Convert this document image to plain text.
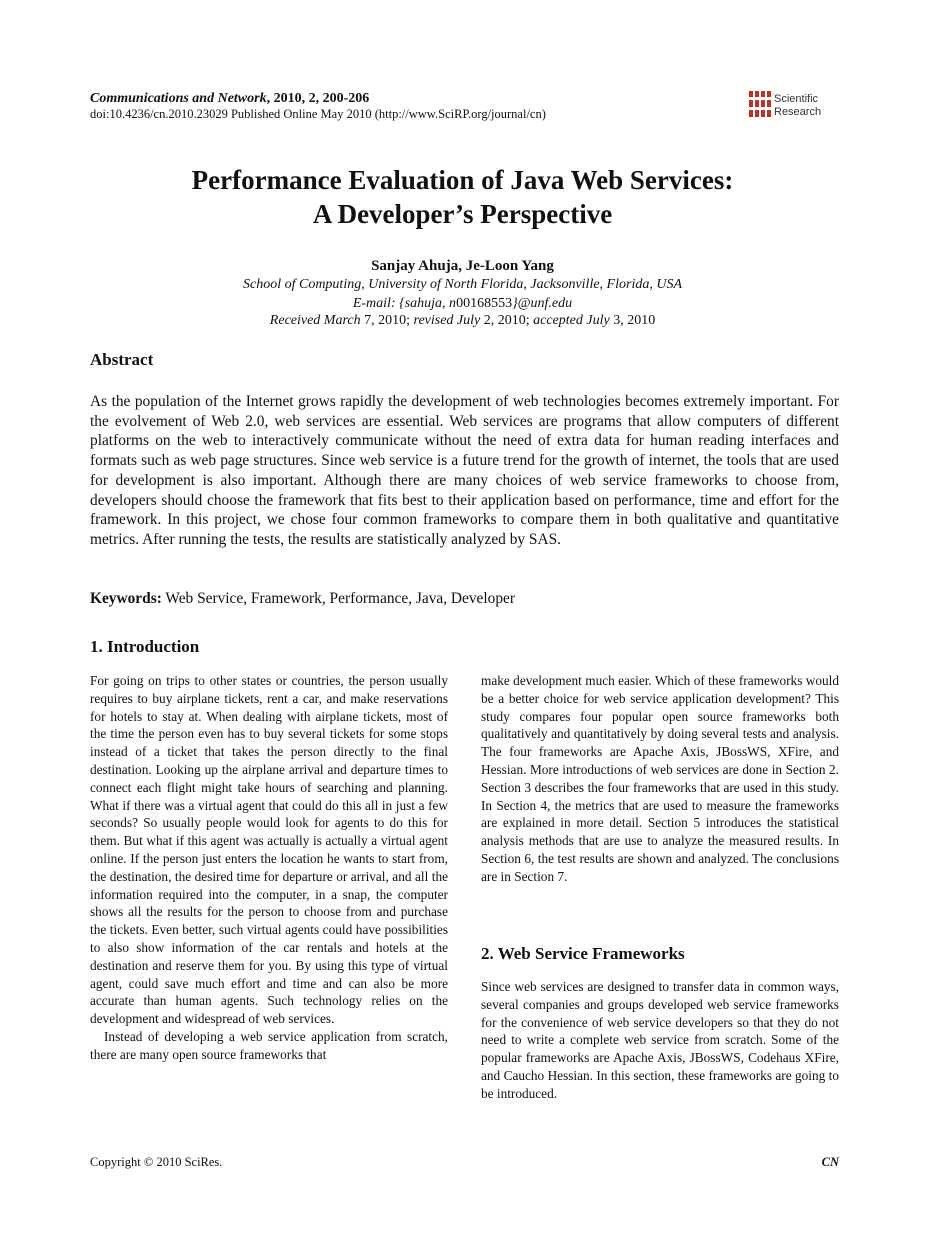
Communications and Network, 2010, 2, 200-206
doi:10.4236/cn.2010.23029 Published Online May 2010 (http://www.SciRP.org/journal/cn)
Scientific
Research
Performance Evaluation of Java Web Services:
A Developer’s Perspective
Sanjay Ahuja, Je-Loon Yang
School of Computing, University of North Florida, Jacksonville, Florida, USA
E-mail: {sahuja, n00168553}@unf.edu
Received March 7, 2010; revised July 2, 2010; accepted July 3, 2010
Abstract
As the population of the Internet grows rapidly the development of web technologies becomes extremely important. For the evolvement of Web 2.0, web services are essential. Web services are programs that allow computers of different platforms on the web to interactively communicate without the need of extra data for human reading interfaces and formats such as web page structures. Since web service is a future trend for the growth of internet, the tools that are used for development is also important. Although there are many choices of web service frameworks to choose from, developers should choose the framework that fits best to their application based on performance, time and effort for the framework. In this project, we chose four common frameworks to compare them in both qualitative and quantitative metrics. After running the tests, the results are statistically analyzed by SAS.
Keywords: Web Service, Framework, Performance, Java, Developer
1. Introduction

For going on trips to other states or countries, the person usually requires to buy airplane tickets, rent a car, and make reservations for hotels to stay at. When dealing with airplane tickets, most of the time the person even has to buy several tickets for some stops instead of a ticket that takes the person directly to the final destination. Looking up the airplane arrival and departure times to connect each flight might take hours of searching and planning. What if there was a virtual agent that could do this all in just a few seconds? So usually people would look for agents to do this for them. But what if this agent was actually is actually a virtual agent online. If the person just enters the location he wants to start from, the destination, the desired time for departure or arrival, and all the information required into the computer, in a snap, the computer shows all the results for the person to choose from and purchase the tickets. Even better, such virtual agents could have possibilities to also show information of the car rentals and hotels at the destination and reserve them for you. By using this type of virtual agent, could save much effort and time and can also be more accurate than human agents. Such technology relies on the development and widespread of web services.

Instead of developing a web service application from scratch, there are many open source frameworks that

make development much easier. Which of these frameworks would be a better choice for web service application development? This study compares four popular open source frameworks both qualitatively and quantitatively by doing several tests and analysis. The four frameworks are Apache Axis, JBossWS, XFire, and Hessian. More introductions of web services are done in Section 2. Section 3 describes the four frameworks that are used in this study. In Section 4, the metrics that are used to measure the frameworks are explained in more detail. Section 5 introduces the statistical analysis methods that are use to analyze the measured results. In Section 6, the test results are shown and analyzed. The conclusions are in Section 7.

2. Web Service Frameworks

Since web services are designed to transfer data in common ways, several companies and groups developed web service frameworks for the convenience of web service developers so that they do not need to write a complete web service from scratch. Some of the popular frameworks are Apache Axis, JBossWS, Codehaus XFire, and Caucho Hessian. In this section, these frameworks are going to be introduced.

Copyright © 2010 SciRes.	CN
